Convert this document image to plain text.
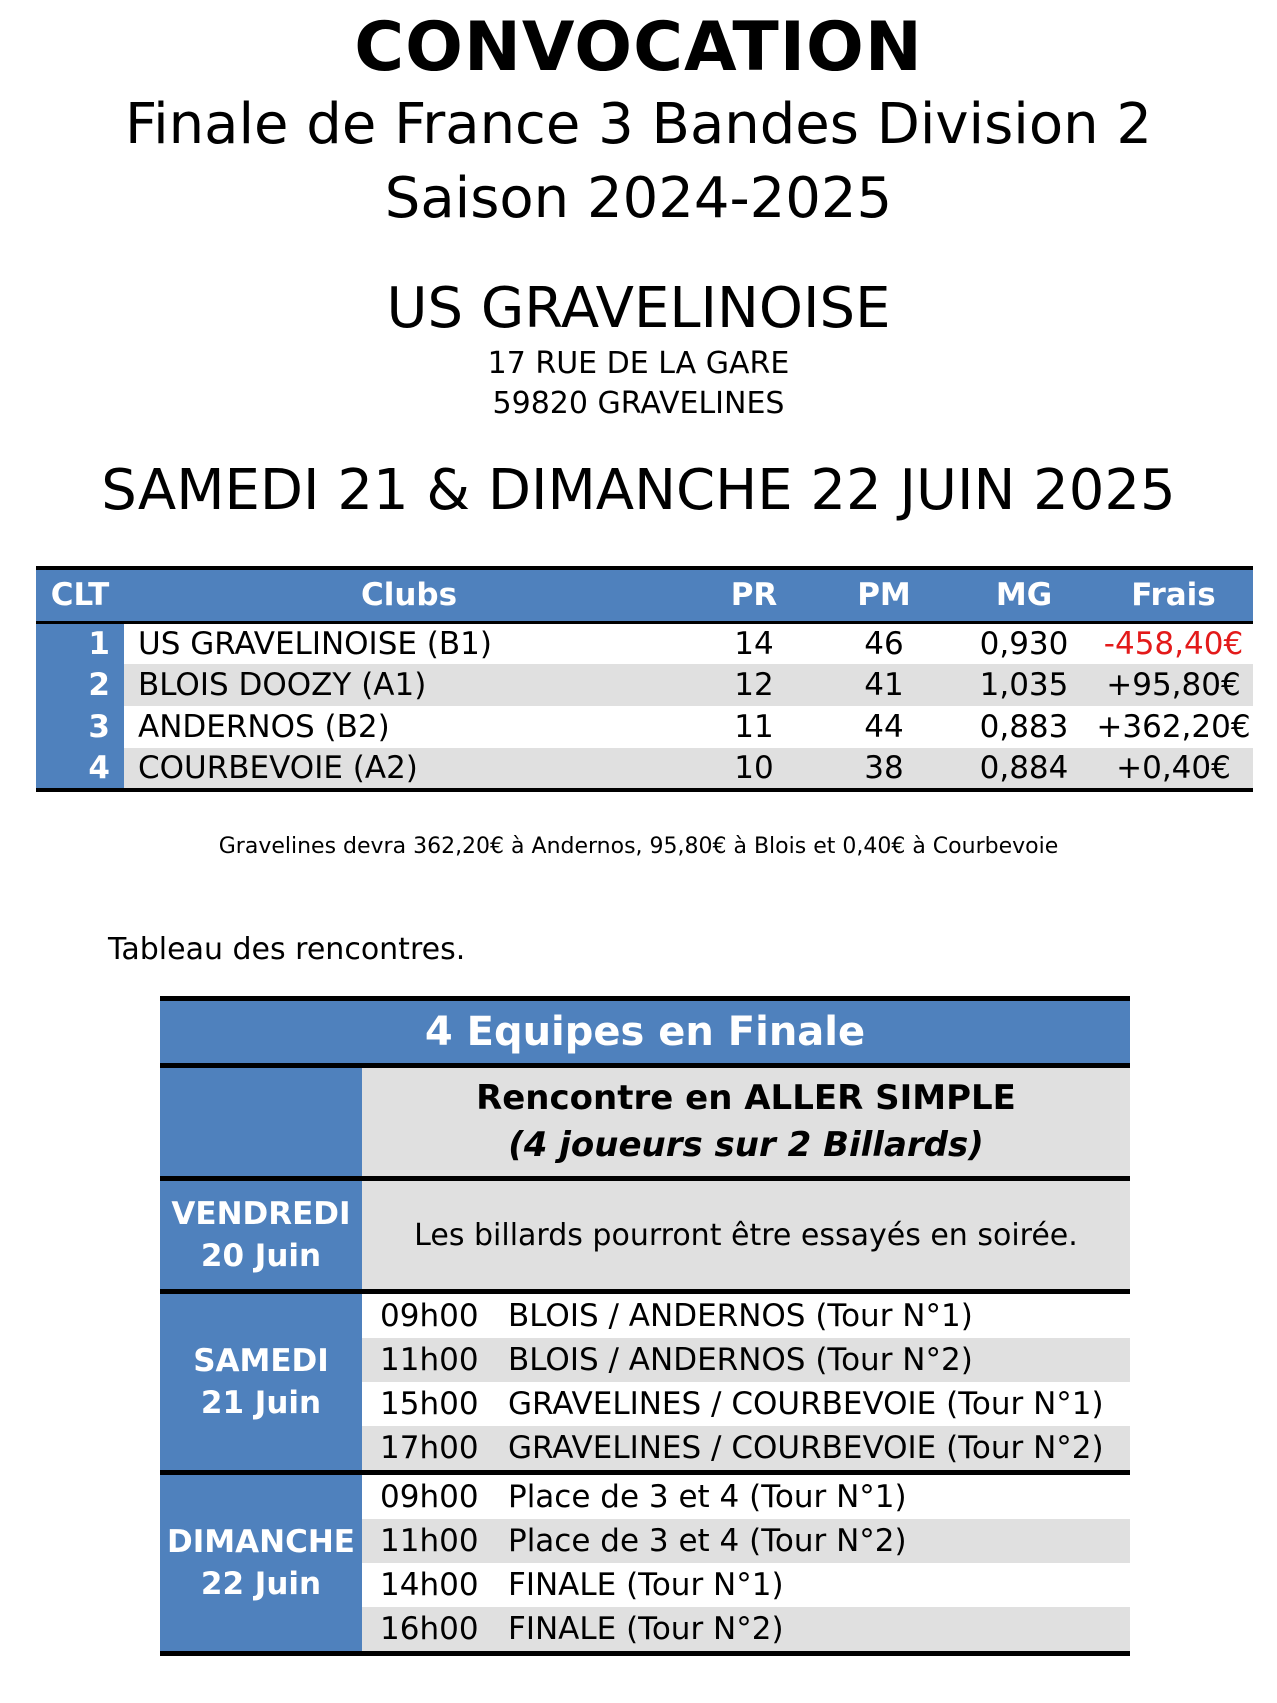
CONVOCATION
Finale de France 3 Bandes Division 2
Saison 2024-2025
US GRAVELINOISE
17 RUE DE LA GARE
59820 GRAVELINES
SAMEDI 21 & DIMANCHE 22 JUIN 2025
CLT	Clubs	PR	PM	MG	Frais
1	US GRAVELINOISE (B1)	14	46	0,930	-458,40€
2	BLOIS DOOZY (A1)	12	41	1,035	+95,80€
3	ANDERNOS (B2)	11	44	0,883	+362,20€
4	COURBEVOIE (A2)	10	38	0,884	+0,40€
Gravelines devra 362,20€ à Andernos, 95,80€ à Blois et 0,40€ à Courbevoie
Tableau des rencontres.
4 Equipes en Finale
Rencontre en ALLER SIMPLE
(4 joueurs sur 2 Billards)
VENDREDI
20 Juin
Les billards pourront être essayés en soirée.
SAMEDI
21 Juin
09h00 BLOIS / ANDERNOS (Tour N°1)
11h00 BLOIS / ANDERNOS (Tour N°2)
15h00 GRAVELINES / COURBEVOIE (Tour N°1)
17h00 GRAVELINES / COURBEVOIE (Tour N°2)
DIMANCHE
22 Juin
09h00 Place de 3 et 4 (Tour N°1)
11h00 Place de 3 et 4 (Tour N°2)
14h00 FINALE (Tour N°1)
16h00 FINALE (Tour N°2)
